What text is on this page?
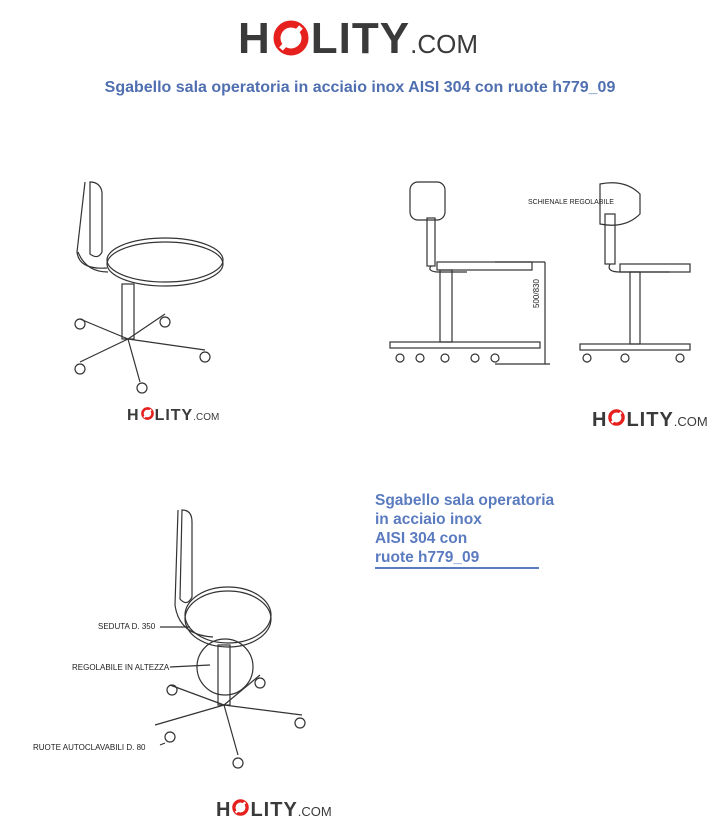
H LITY .COM
Sgabello sala operatoria in acciaio inox AISI 304 con ruote h779_09
H LITY .COM
500/830
SCHIENALE REGOLABILE
H LITY .COM
Sgabello sala operatoria
in acciaio inox
AISI 304 con
ruote h779_09
SEDUTA D. 350
REGOLABILE IN ALTEZZA
RUOTE AUTOCLAVABILI D. 80
H LITY .COM
